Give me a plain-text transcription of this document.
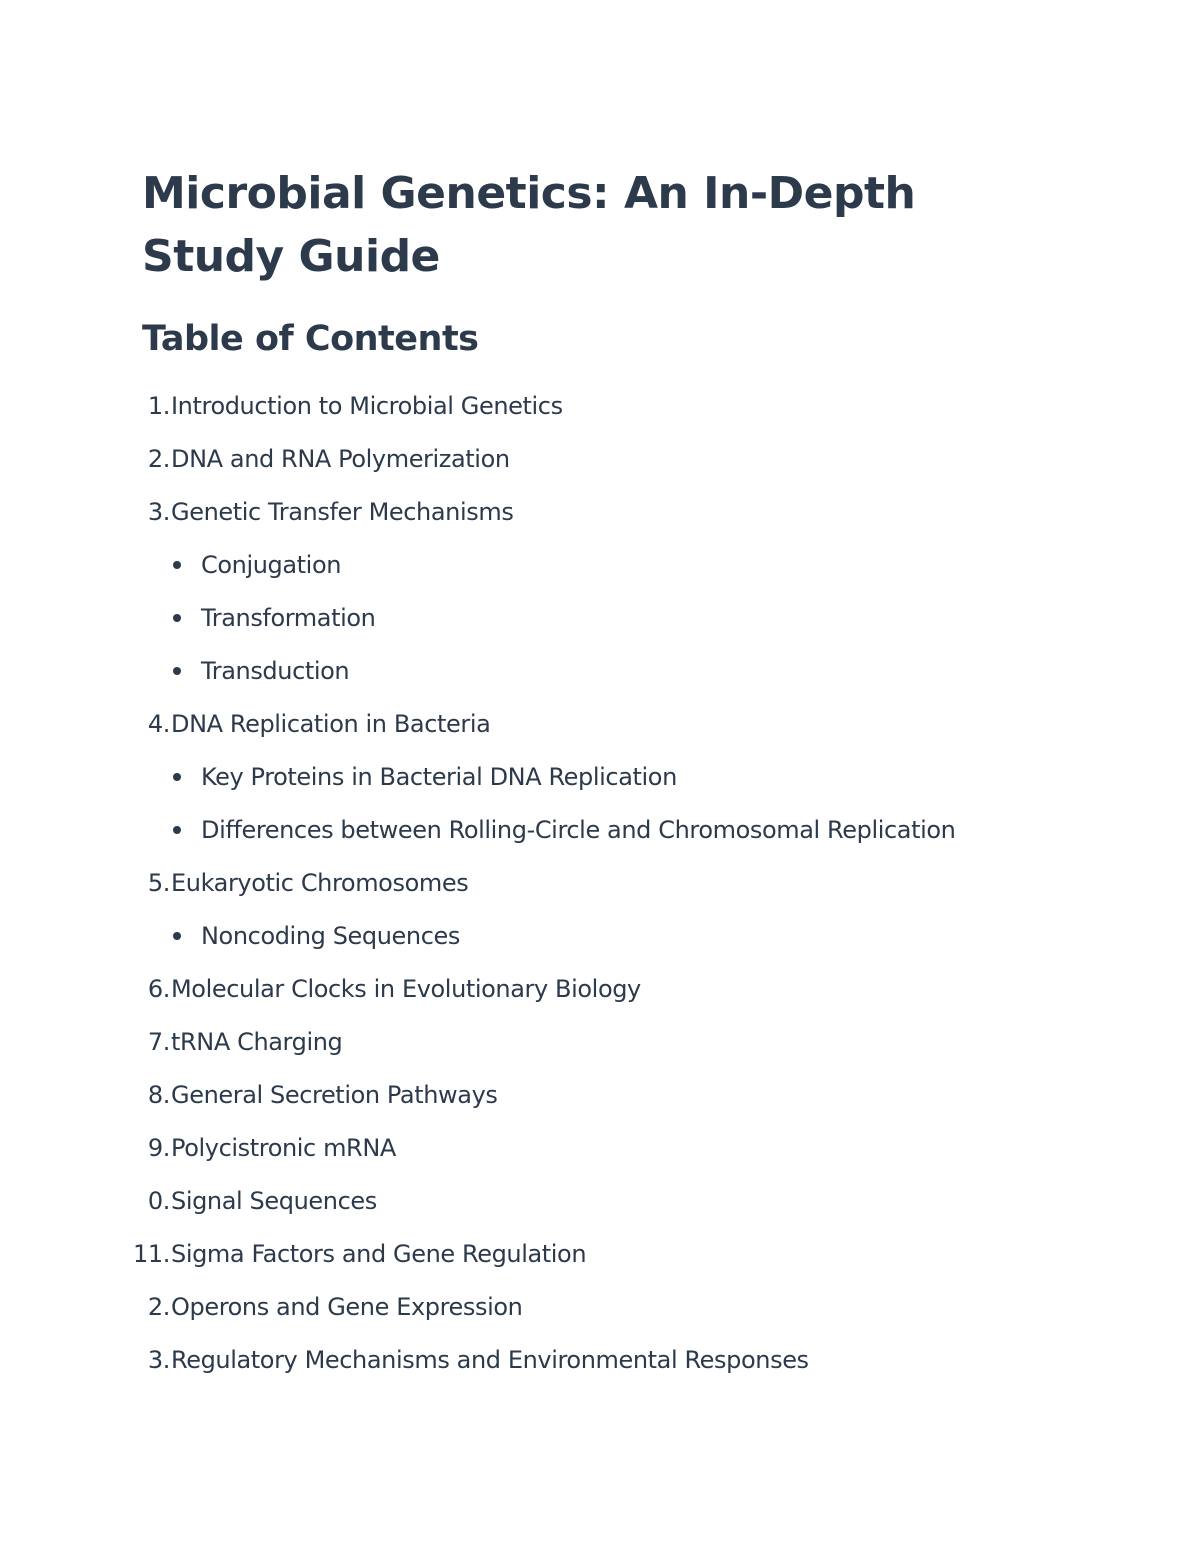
Microbial Genetics: An In-Depth Study Guide
Table of Contents
1. Introduction to Microbial Genetics
2. DNA and RNA Polymerization
3. Genetic Transfer Mechanisms
Conjugation
Transformation
Transduction
4. DNA Replication in Bacteria
Key Proteins in Bacterial DNA Replication
Differences between Rolling-Circle and Chromosomal Replication
5. Eukaryotic Chromosomes
Noncoding Sequences
6. Molecular Clocks in Evolutionary Biology
7. tRNA Charging
8. General Secretion Pathways
9. Polycistronic mRNA
0. Signal Sequences
11. Sigma Factors and Gene Regulation
2. Operons and Gene Expression
3. Regulatory Mechanisms and Environmental Responses
